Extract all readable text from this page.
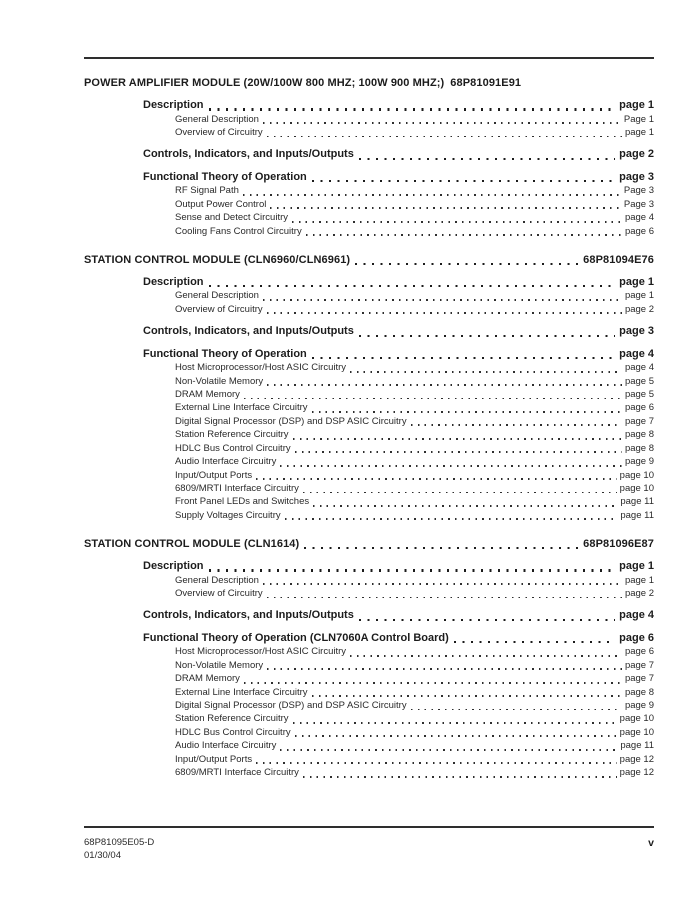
POWER AMPLIFIER MODULE (20W/100W 800 MHZ; 100W 900 MHZ;) 68P81091E91
Description	page 1
General Description	Page 1
Overview of Circuitry	page 1
Controls, Indicators, and Inputs/Outputs	page 2
Functional Theory of Operation	page 3
RF Signal Path	Page 3
Output Power Control	Page 3
Sense and Detect Circuitry	page 4
Cooling Fans Control Circuitry	page 6
STATION CONTROL MODULE (CLN6960/CLN6961)	68P81094E76
Description	page 1
General Description	page 1
Overview of Circuitry	page 2
Controls, Indicators, and Inputs/Outputs	page 3
Functional Theory of Operation	page 4
Host Microprocessor/Host ASIC Circuitry	page 4
Non-Volatile Memory	page 5
DRAM Memory	page 5
External Line Interface Circuitry	page 6
Digital Signal Processor (DSP) and DSP ASIC Circuitry	page 7
Station Reference Circuitry	page 8
HDLC Bus Control Circuitry	page 8
Audio Interface Circuitry	page 9
Input/Output Ports	page 10
6809/MRTI Interface Circuitry	page 10
Front Panel LEDs and Switches	page 11
Supply Voltages Circuitry	page 11
STATION CONTROL MODULE (CLN1614)	68P81096E87
Description	page 1
General Description	page 1
Overview of Circuitry	page 2
Controls, Indicators, and Inputs/Outputs	page 4
Functional Theory of Operation (CLN7060A Control Board)	page 6
Host Microprocessor/Host ASIC Circuitry	page 6
Non-Volatile Memory	page 7
DRAM Memory	page 7
External Line Interface Circuitry	page 8
Digital Signal Processor (DSP) and DSP ASIC Circuitry	page 9
Station Reference Circuitry	page 10
HDLC Bus Control Circuitry	page 10
Audio Interface Circuitry	page 11
Input/Output Ports	page 12
6809/MRTI Interface Circuitry	page 12
68P81095E05-D
01/30/04
v
